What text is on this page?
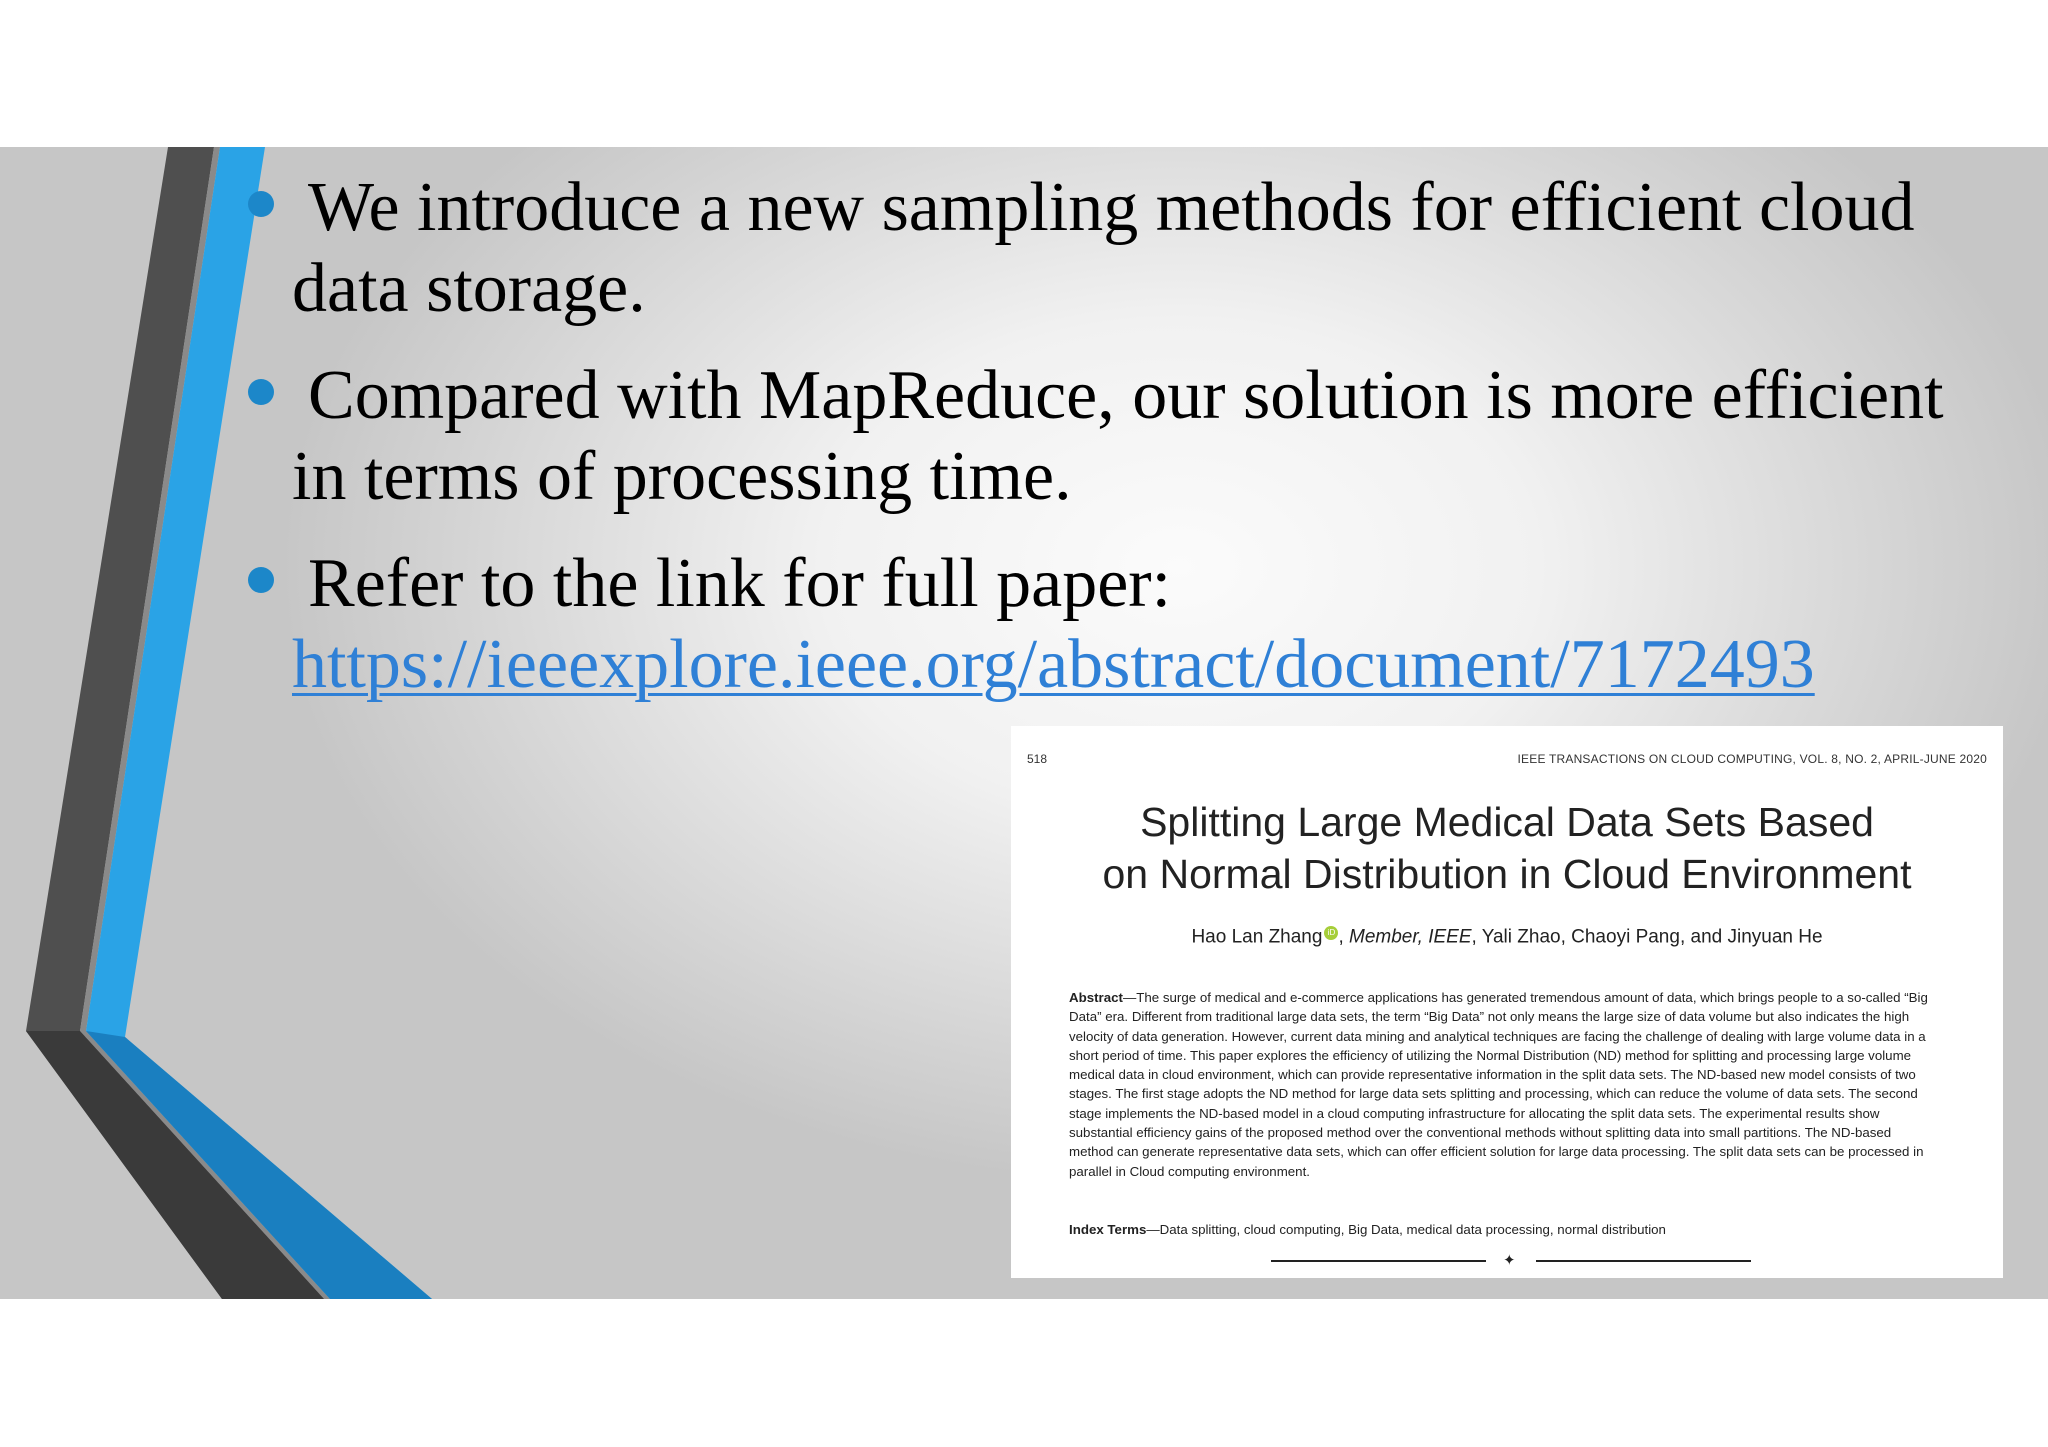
We introduce a new sampling methods for efficient cloud data storage.
Compared with MapReduce, our solution is more efficient in terms of processing time.
Refer to the link for full paper:
https://ieeexplore.ieee.org/abstract/document/7172493
518	IEEE TRANSACTIONS ON CLOUD COMPUTING, VOL. 8, NO. 2, APRIL-JUNE 2020
Splitting Large Medical Data Sets Based
on Normal Distribution in Cloud Environment
Hao Lan Zhang iD , Member, IEEE, Yali Zhao, Chaoyi Pang, and Jinyuan He
Abstract—The surge of medical and e-commerce applications has generated tremendous amount of data, which brings people to a so-called “Big Data” era. Different from traditional large data sets, the term “Big Data” not only means the large size of data volume but also indicates the high velocity of data generation. However, current data mining and analytical techniques are facing the challenge of dealing with large volume data in a short period of time. This paper explores the efficiency of utilizing the Normal Distribution (ND) method for splitting and processing large volume medical data in cloud environment, which can provide representative information in the split data sets. The ND-based new model consists of two stages. The first stage adopts the ND method for large data sets splitting and processing, which can reduce the volume of data sets. The second stage implements the ND-based model in a cloud computing infrastructure for allocating the split data sets. The experimental results show substantial efficiency gains of the proposed method over the conventional methods without splitting data into small partitions. The ND-based method can generate representative data sets, which can offer efficient solution for large data processing. The split data sets can be processed in parallel in Cloud computing environment.
Index Terms—Data splitting, cloud computing, Big Data, medical data processing, normal distribution
✦
